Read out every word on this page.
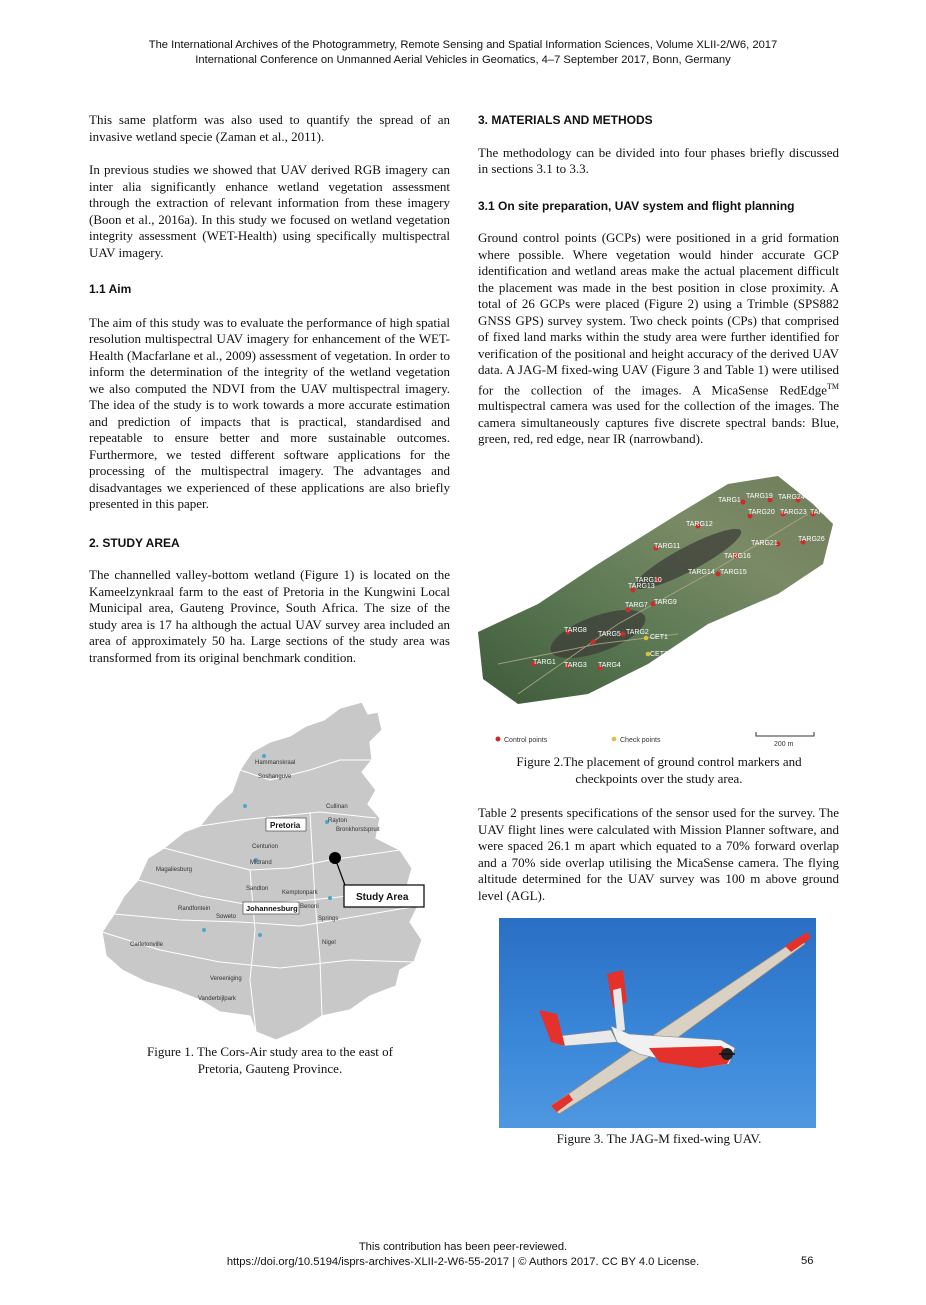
The International Archives of the Photogrammetry, Remote Sensing and Spatial Information Sciences, Volume XLII-2/W6, 2017
International Conference on Unmanned Aerial Vehicles in Geomatics, 4–7 September 2017, Bonn, Germany

This same platform was also used to quantify the spread of an invasive wetland specie (Zaman et al., 2011).

In previous studies we showed that UAV derived RGB imagery can inter alia significantly enhance wetland vegetation assessment through the extraction of relevant information from these imagery (Boon et al., 2016a). In this study we focused on wetland vegetation integrity assessment (WET-Health) using specifically multispectral UAV imagery.

1.1 Aim

The aim of this study was to evaluate the performance of high spatial resolution multispectral UAV imagery for enhancement of the WET-Health (Macfarlane et al., 2009) assessment of vegetation. In order to inform the determination of the integrity of the wetland vegetation we also computed the NDVI from the UAV multispectral imagery. The idea of the study is to work towards a more accurate estimation and prediction of impacts that is practical, standardised and repeatable to ensure better and more sustainable outcomes. Furthermore, we tested different software applications for the processing of the multispectral imagery. The advantages and disadvantages we experienced of these applications are also briefly presented in this paper.

2. STUDY AREA

The channelled valley-bottom wetland (Figure 1) is located on the Kameelzynkraal farm to the east of Pretoria in the Kungwini Local Municipal area, Gauteng Province, South Africa. The size of the study area is 17 ha although the actual UAV survey area included an area of approximately 50 ha. Large sections of the study area was transformed from its original benchmark condition.

Hammanskraal
Soshanguve
Cullinan
Rayton
Bronkhorstspruit
Centurion
Midrand
Magaliesburg
Sandton
Kemptonpark
Benoni
Randfontein
Soweto	Springs
Carletonville	Nigel
Vereeniging
Vanderbijlpark
Pretoria
Johannesburg
Study Area
Figure 1. The Cors-Air study area to the east of
Pretoria, Gauteng Province.

3. MATERIALS AND METHODS

The methodology can be divided into four phases briefly discussed in sections 3.1 to 3.3.

3.1 On site preparation, UAV system and flight planning

Ground control points (GCPs) were positioned in a grid formation where possible. Where vegetation would hinder accurate GCP identification and wetland areas make the actual placement difficult the placement was made in the best position in close proximity. A total of 26 GCPs were placed (Figure 2) using a Trimble (SPS882 GNSS GPS) survey system. Two check points (CPs) that comprised of fixed land marks within the study area were further identified for verification of the positional and height accuracy of the derived UAV data. A JAG-M fixed-wing UAV (Figure 3 and Table 1) were utilised for the collection of the images. A MicaSense RedEdge™ multispectral camera was used for the collection of the images. The camera simultaneously captures five discrete spectral bands: Blue, green, red, red edge, near IR (narrowband).

TARG1
TARG19 TARG24
TARG20 TARG23 TARG25
TARG12
TARG21
TARG26
TARG11
TARG16
TARG14 TARG15
TARG10
TARG13
TARG9
TARG7
TARG8
TARG5 TARG2
CET1
CET2
TARG1 TARG3 TARG4
Control points	Check points
200 m
Figure 2.The placement of ground control markers and
checkpoints over the study area.

Table 2 presents specifications of the sensor used for the survey. The UAV flight lines were calculated with Mission Planner software, and were spaced 26.1 m apart which equated to a 70% forward overlap and a 70% side overlap utilising the MicaSense camera. The flying altitude determined for the UAV survey was 100 m above ground level (AGL).

Figure 3. The JAG-M fixed-wing UAV.
This contribution has been peer-reviewed.
https://doi.org/10.5194/isprs-archives-XLII-2-W6-55-2017 | © Authors 2017. CC BY 4.0 License.	56
